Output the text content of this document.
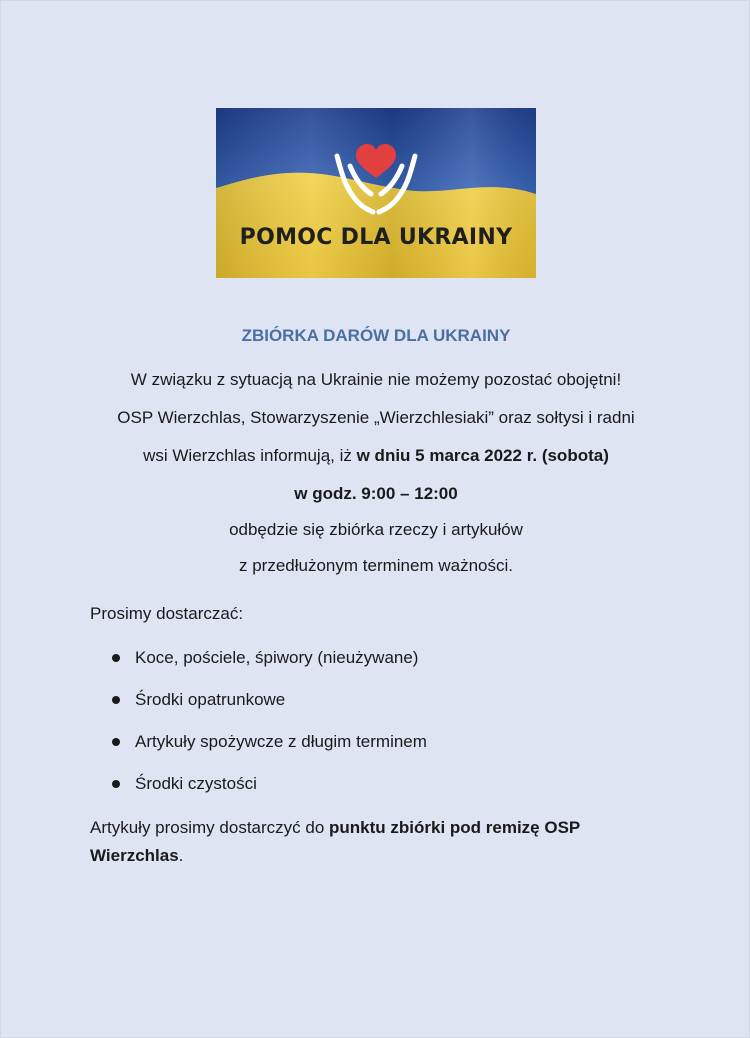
POMOC DLA UKRAINY
ZBIÓRKA DARÓW DLA UKRAINY
W związku z sytuacją na Ukrainie nie możemy pozostać obojętni!
OSP Wierzchlas, Stowarzyszenie „Wierzchlesiaki” oraz sołtysi i radni
wsi Wierzchlas informują, iż w dniu 5 marca 2022 r. (sobota)
w godz. 9:00 – 12:00
odbędzie się zbiórka rzeczy i artykułów
z przedłużonym terminem ważności.
Prosimy dostarczać:
Koce, pościele, śpiwory (nieużywane)
Środki opatrunkowe
Artykuły spożywcze z długim terminem
Środki czystości
Artykuły prosimy dostarczyć do punktu zbiórki pod remizę OSP Wierzchlas.
